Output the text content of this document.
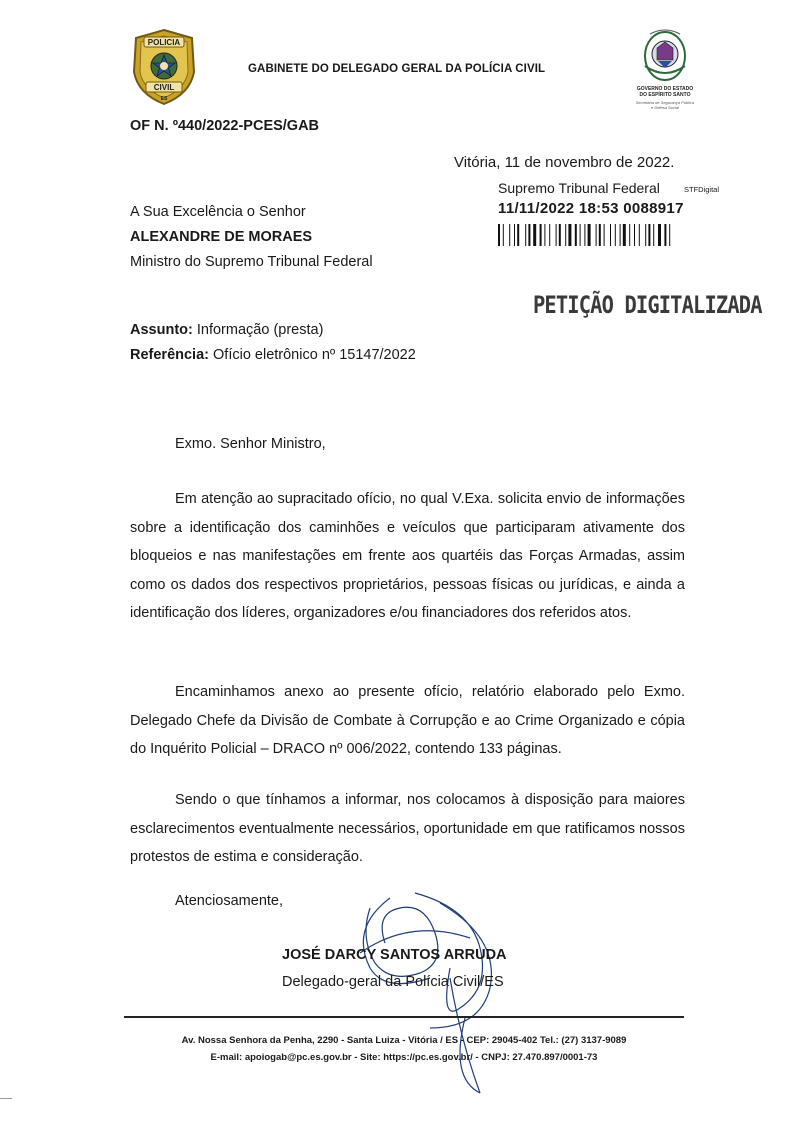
POLICIA
CIVIL
ES
GABINETE DO DELEGADO GERAL DA POLÍCIA CIVIL
GOVERNO DO ESTADO
DO ESPÍRITO SANTO
Secretaria de Segurança Pública
e Defesa Social
OF N. º440/2022-PCES/GAB
Vitória, 11 de novembro de 2022.
Supremo Tribunal Federal	STFDigital
11/11/2022 18:53 0088917
PETIÇÃO DIGITALIZADA
A Sua Excelência o Senhor
ALEXANDRE DE MORAES
Ministro do Supremo Tribunal Federal
Assunto: Informação (presta)
Referência: Ofício eletrônico nº 15147/2022
Exmo. Senhor Ministro,

Em atenção ao supracitado ofício, no qual V.Exa. solicita envio de informações sobre a identificação dos caminhões e veículos que participaram ativamente dos bloqueios e nas manifestações em frente aos quartéis das Forças Armadas, assim como os dados dos respectivos proprietários, pessoas físicas ou jurídicas, e ainda a identificação dos líderes, organizadores e/ou financiadores dos referidos atos.

Encaminhamos anexo ao presente ofício, relatório elaborado pelo Exmo. Delegado Chefe da Divisão de Combate à Corrupção e ao Crime Organizado e cópia do Inquérito Policial – DRACO nº 006/2022, contendo 133 páginas.

Sendo o que tínhamos a informar, nos colocamos à disposição para maiores esclarecimentos eventualmente necessários, oportunidade em que ratificamos nossos protestos de estima e consideração.

Atenciosamente,
JOSÉ DARCY SANTOS ARRUDA
Delegado-geral da Polícia Civil/ES
Av. Nossa Senhora da Penha, 2290 - Santa Luiza - Vitória / ES - CEP: 29045-402 Tel.: (27) 3137-9089
E-mail: apoiogab@pc.es.gov.br - Site: https://pc.es.gov.br/ - CNPJ: 27.470.897/0001-73
